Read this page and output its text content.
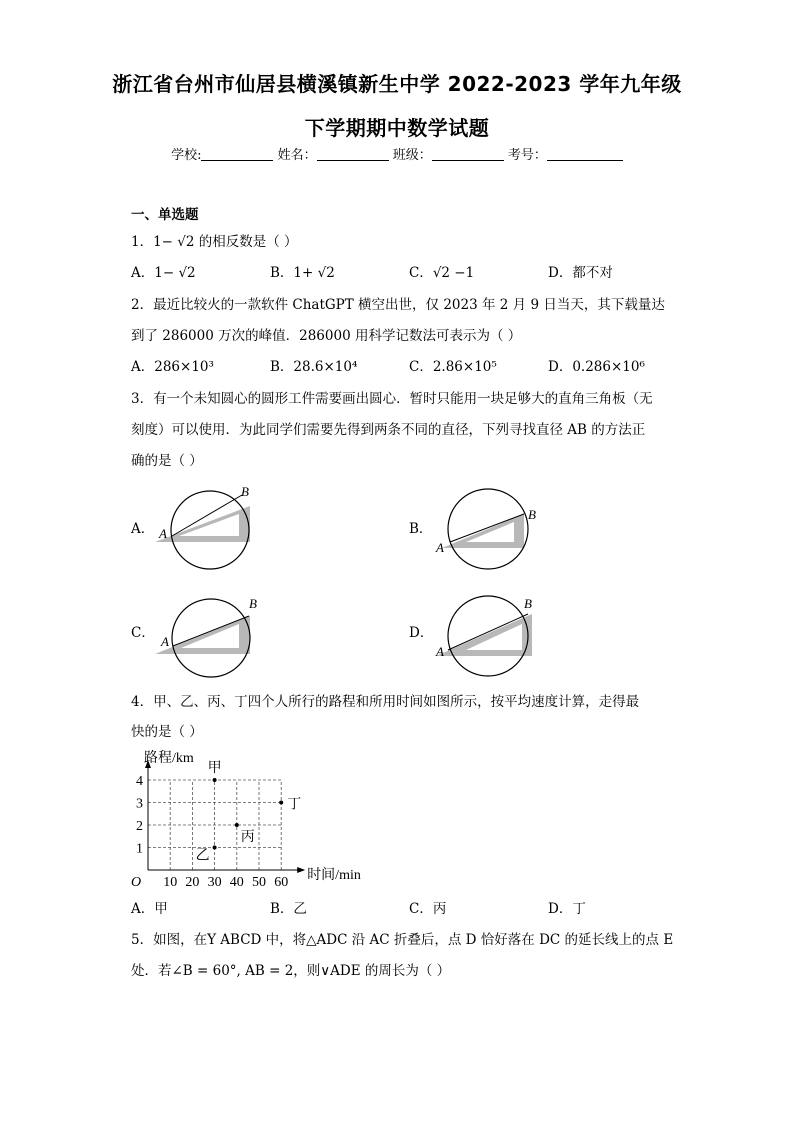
浙江省台州市仙居县横溪镇新生中学 2022-2023 学年九年级
下学期期中数学试题
学校:	姓名：	班级：	考号：
一、单选题
1．1− √2 的相反数是（ ）
A．1− √2	B．1+ √2	C．√2 −1	D．都不对
2．最近比较火的一款软件 ChatGPT 横空出世，仅 2023 年 2 月 9 日当天，其下载量达
到了 286000 万次的峰值．286000 用科学记数法可表示为（ ）
A．286×10³	B．28.6×10⁴	C．2.86×10⁵	D．0.286×10⁶
3．有一个未知圆心的圆形工件需要画出圆心．暂时只能用一块足够大的直角三角板（无
刻度）可以使用．为此同学们需要先得到两条不同的直径，下列寻找直径 AB 的方法正
确的是（ ）
A． A
B
B．
A
B
C．
A
B
D．
A
B
4．甲、乙、丙、丁四个人所行的路程和所用时间如图所示，按平均速度计算，走得最
快的是（ ）
10 20 30 40 50 60
1
2
3
4
O
路程/km
时间/min
甲
乙
丙
丁
A．甲	B．乙	C．丙	D．丁
5．如图，在Y ABCD 中，将△ADC 沿 AC 折叠后，点 D 恰好落在 DC 的延长线上的点 E
处．若∠B = 60°, AB = 2，则∨ADE 的周长为（ ）
